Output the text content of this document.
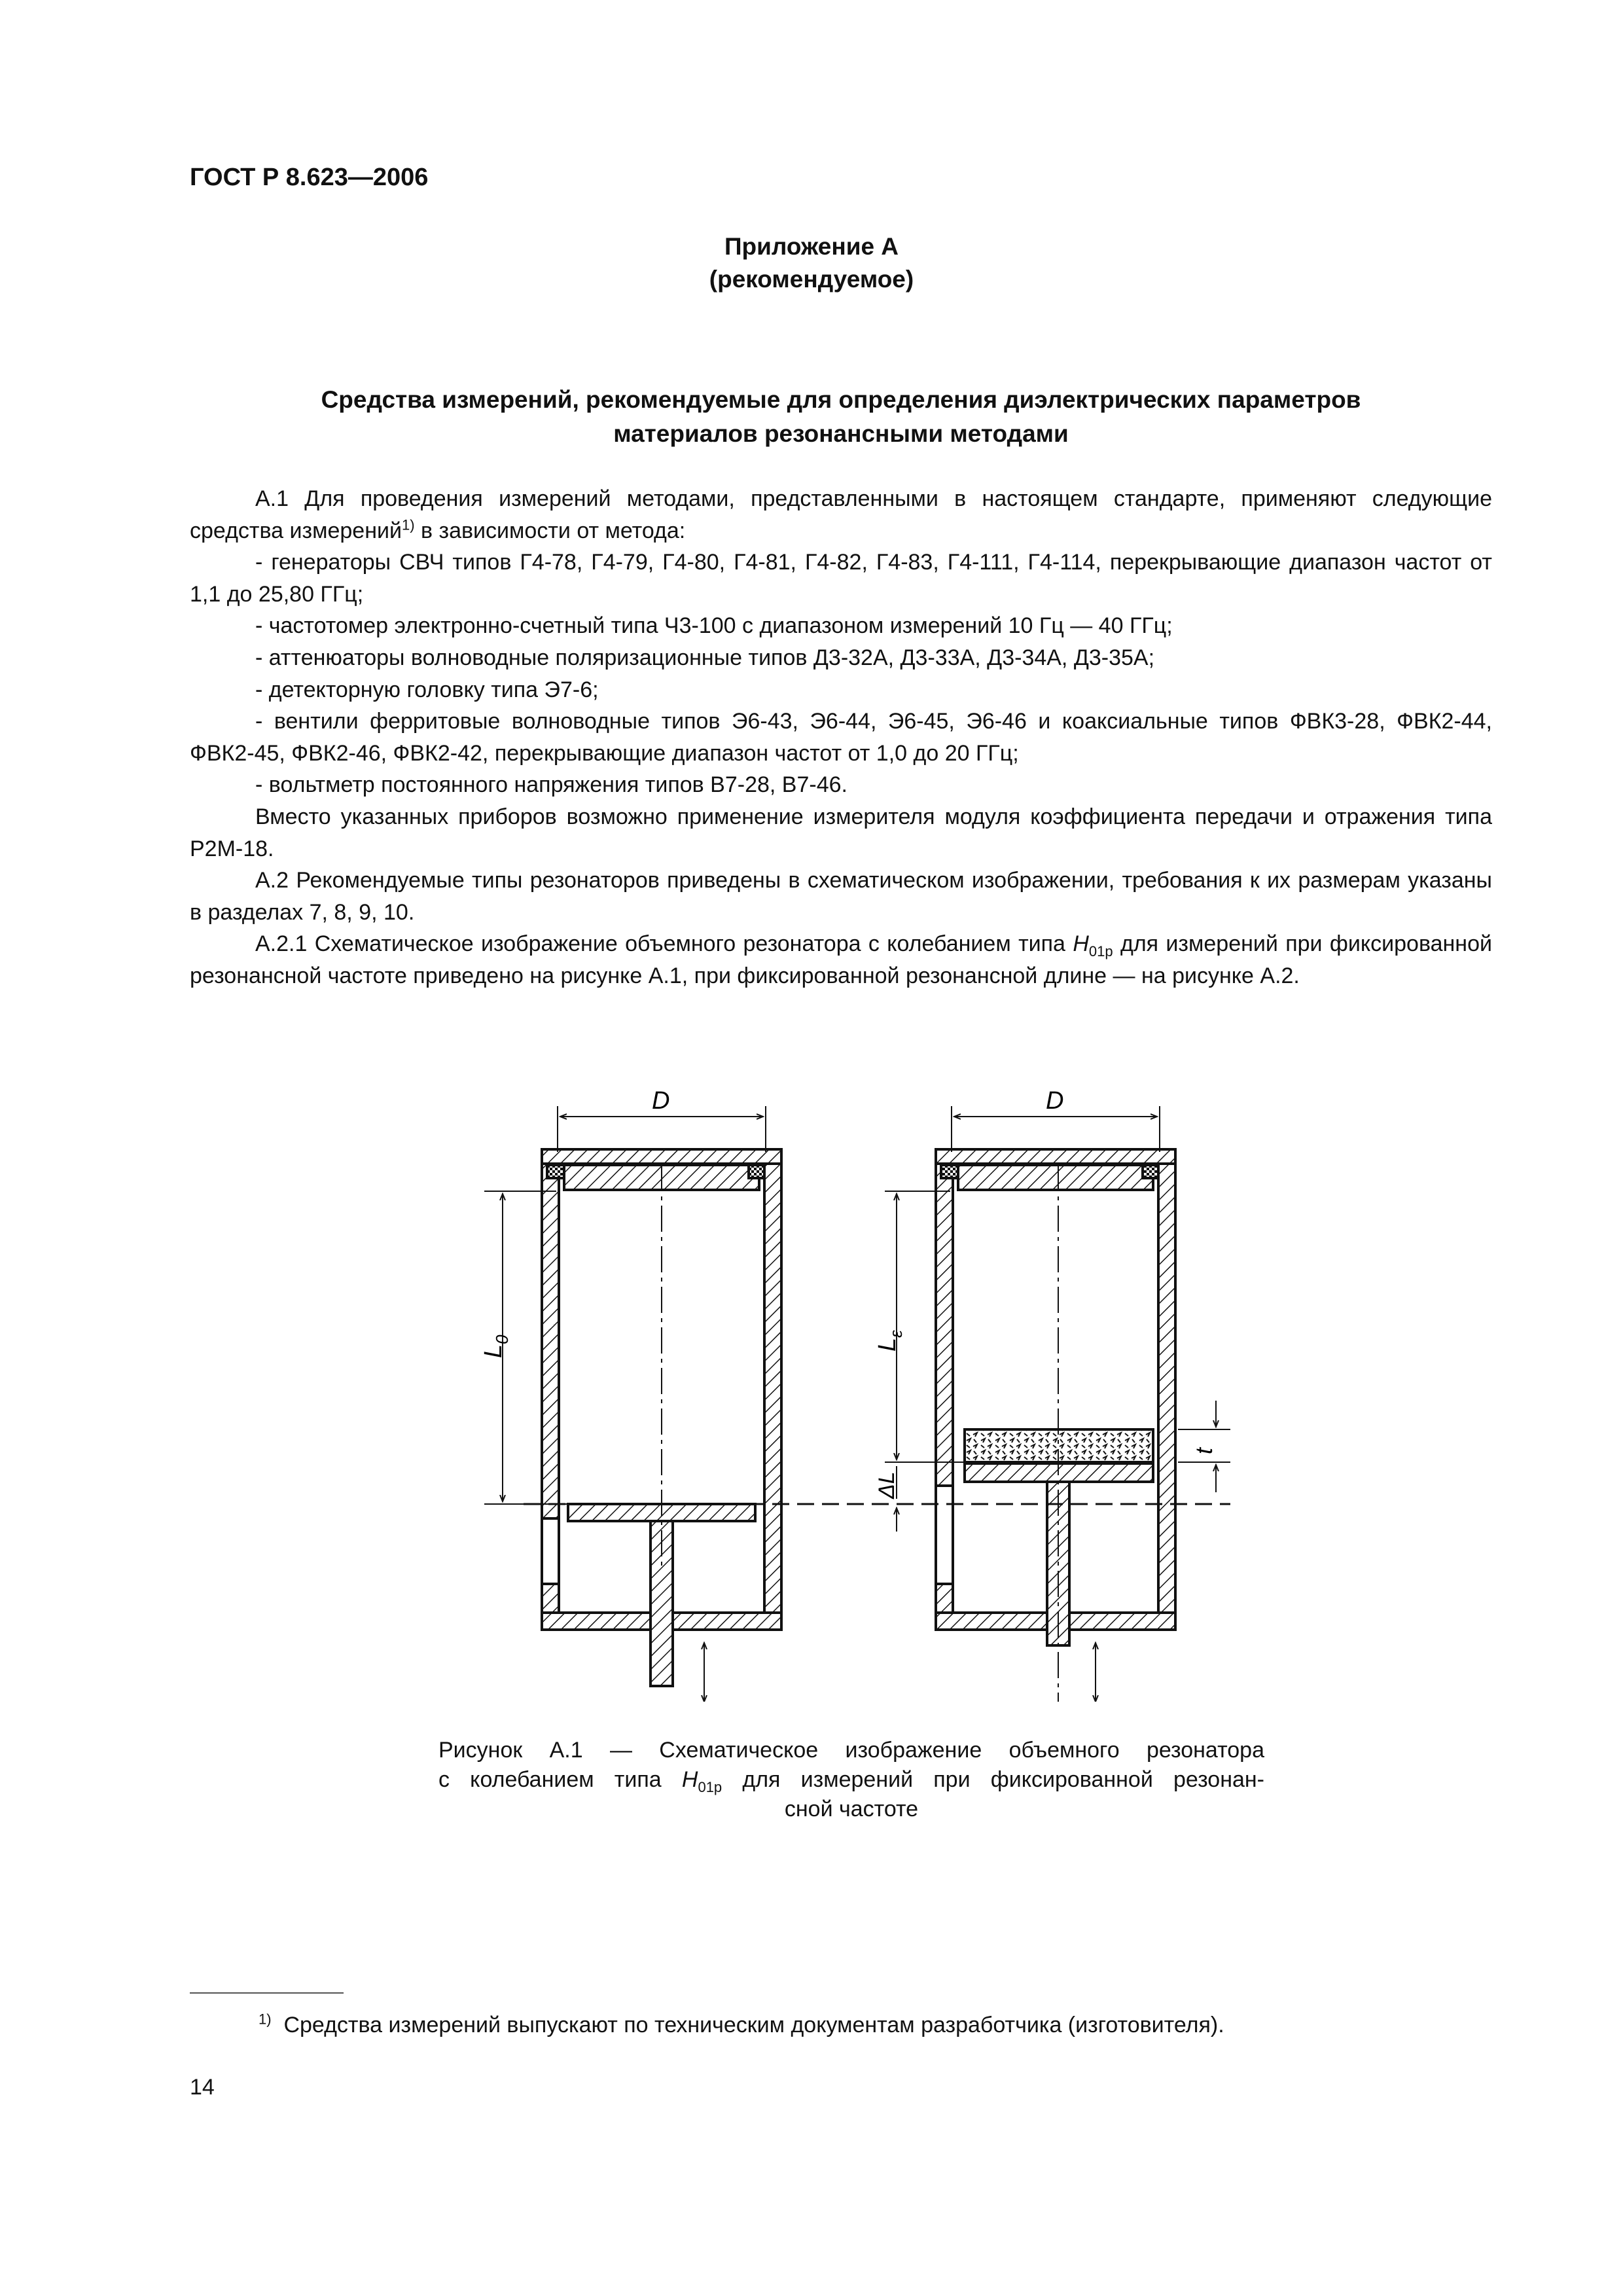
ГОСТ Р 8.623—2006
Приложение А
(рекомендуемое)
Средства измерений, рекомендуемые для определения диэлектрических параметров
материалов резонансными методами

А.1 Для проведения измерений методами, представленными в настоящем стандарте, применяют следующие средства измерений$^{1)}$ в зависимости от метода:

- генераторы СВЧ типов Г4-78, Г4-79, Г4-80, Г4-81, Г4-82, Г4-83, Г4-111, Г4-114, перекрывающие диапазон частот от 1,1 до 25,80 ГГц;

- частотомер электронно-счетный типа Ч3-100 с диапазоном измерений 10 Гц — 40 ГГц;

- аттенюаторы волноводные поляризационные типов Д3-32А, Д3-33А, Д3-34А, Д3-35А;

- детекторную головку типа Э7-6;

- вентили ферритовые волноводные типов Э6-43, Э6-44, Э6-45, Э6-46 и коаксиальные типов ФВК3-28, ФВК2-44, ФВК2-45, ФВК2-46, ФВК2-42, перекрывающие диапазон частот от 1,0 до 20 ГГц;

- вольтметр постоянного напряжения типов В7-28, В7-46.

Вместо указанных приборов возможно применение измерителя модуля коэффициента передачи и отражения типа Р2М-18.

А.2 Рекомендуемые типы резонаторов приведены в схематическом изображении, требования к их размерам указаны в разделах 7, 8, 9, 10.

А.2.1 Схематическое изображение объемного резонатора с колебанием типа $H_{01p}$ для измерений при фиксированной резонансной частоте приведено на рисунке А.1, при фиксированной резонансной длине — на рисунке А.2.

D
$L_0$
D
$L_\varepsilon$
ΔL
t
Рисунок А.1 — Схематическое изображение объемного резонатора
с колебанием типа $H_{01p}$ для измерений при фиксированной резонан-
сной частоте
$^{1)}$ Средства измерений выпускают по техническим документам разработчика (изготовителя).
14
